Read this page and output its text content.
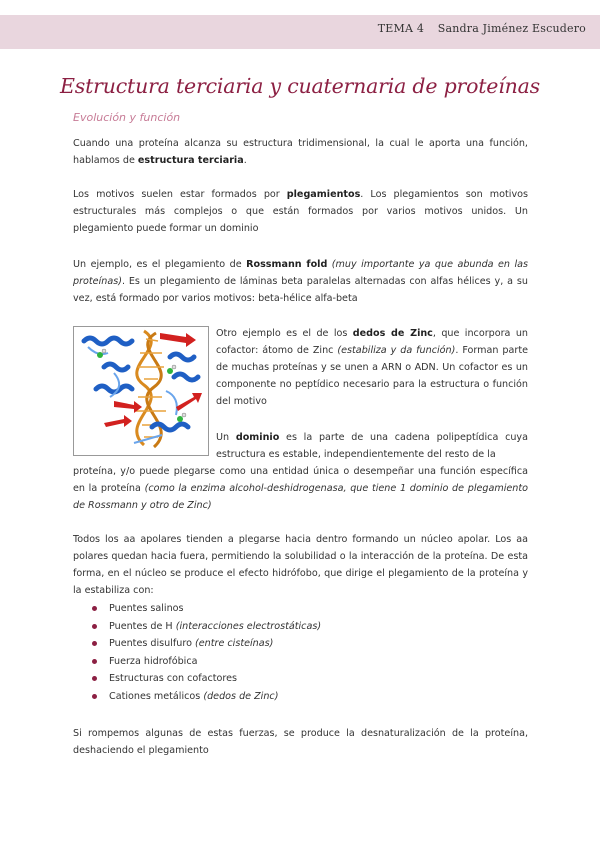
TEMA 4 Sandra Jiménez Escudero
Estructura terciaria y cuaternaria de proteínas
Evolución y función
Cuando una proteína alcanza su estructura tridimensional, la cual le aporta una función, hablamos de estructura terciaria.
Los motivos suelen estar formados por plegamientos. Los plegamientos son motivos estructurales más complejos o que están formados por varios motivos unidos. Un plegamiento puede formar un dominio
Un ejemplo, es el plegamiento de Rossmann fold (muy importante ya que abunda en las proteínas). Es un plegamiento de láminas beta paralelas alternadas con alfas hélices y, a su vez, está formado por varios motivos: beta-hélice alfa-beta
Otro ejemplo es el de los dedos de Zinc, que incorpora un cofactor: átomo de Zinc (estabiliza y da función). Forman parte de muchas proteínas y se unen a ARN o ADN. Un cofactor es un componente no peptídico necesario para la estructura o función del motivo
Un dominio es la parte de una cadena polipeptídica cuya estructura es estable, independientemente del resto de la
proteína, y/o puede plegarse como una entidad única o desempeñar una función específica en la proteína (como la enzima alcohol-deshidrogenasa, que tiene 1 dominio de plegamiento de Rossmann y otro de Zinc)
Todos los aa apolares tienden a plegarse hacia dentro formando un núcleo apolar. Los aa polares quedan hacia fuera, permitiendo la solubilidad o la interacción de la proteína. De esta forma, en el núcleo se produce el efecto hidrófobo, que dirige el plegamiento de la proteína y la estabiliza con:
Puentes salinos
Puentes de H (interacciones electrostáticas)
Puentes disulfuro (entre cisteínas)
Fuerza hidrofóbica
Estructuras con cofactores
Cationes metálicos (dedos de Zinc)
Si rompemos algunas de estas fuerzas, se produce la desnaturalización de la proteína, deshaciendo el plegamiento
